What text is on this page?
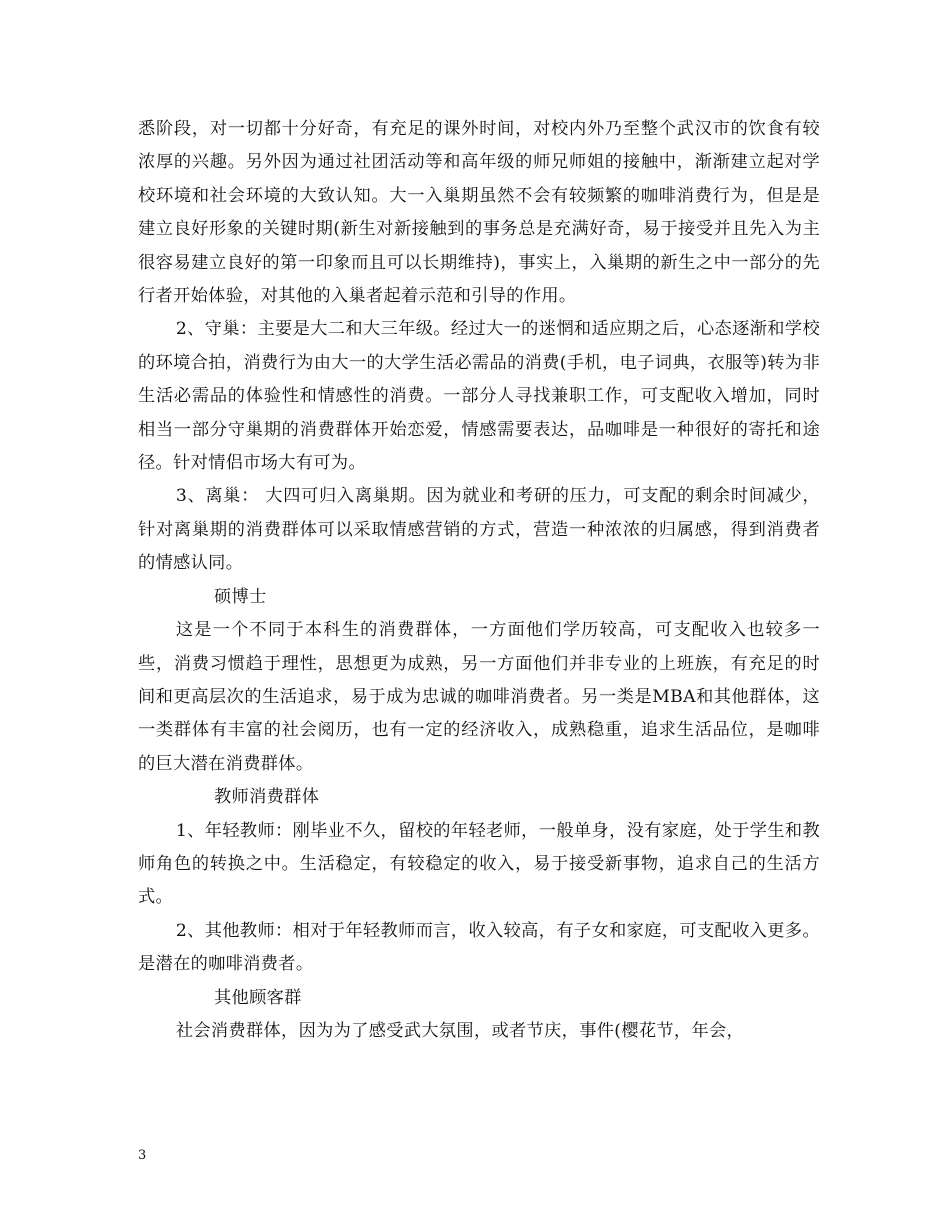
悉阶段，对一切都十分好奇，有充足的课外时间，对校内外乃至整个武汉市的饮食有较浓厚的兴趣。另外因为通过社团活动等和高年级的师兄师姐的接触中，渐渐建立起对学校环境和社会环境的大致认知。大一入巢期虽然不会有较频繁的咖啡消费行为，但是是建立良好形象的关键时期(新生对新接触到的事务总是充满好奇，易于接受并且先入为主很容易建立良好的第一印象而且可以长期维持)，事实上，入巢期的新生之中一部分的先行者开始体验，对其他的入巢者起着示范和引导的作用。

2、守巢：主要是大二和大三年级。经过大一的迷惘和适应期之后，心态逐渐和学校的环境合拍，消费行为由大一的大学生活必需品的消费(手机，电子词典，衣服等)转为非生活必需品的体验性和情感性的消费。一部分人寻找兼职工作，可支配收入增加，同时相当一部分守巢期的消费群体开始恋爱，情感需要表达，品咖啡是一种很好的寄托和途径。针对情侣市场大有可为。

3、离巢： 大四可归入离巢期。因为就业和考研的压力，可支配的剩余时间减少，针对离巢期的消费群体可以采取情感营销的方式，营造一种浓浓的归属感，得到消费者的情感认同。

硕博士

这是一个不同于本科生的消费群体，一方面他们学历较高，可支配收入也较多一些，消费习惯趋于理性，思想更为成熟，另一方面他们并非专业的上班族，有充足的时间和更高层次的生活追求，易于成为忠诚的咖啡消费者。另一类是MBA和其他群体，这一类群体有丰富的社会阅历，也有一定的经济收入，成熟稳重，追求生活品位，是咖啡的巨大潜在消费群体。

教师消费群体

1、年轻教师：刚毕业不久，留校的年轻老师，一般单身，没有家庭，处于学生和教师角色的转换之中。生活稳定，有较稳定的收入，易于接受新事物，追求自己的生活方式。

2、其他教师：相对于年轻教师而言，收入较高，有子女和家庭，可支配收入更多。是潜在的咖啡消费者。

其他顾客群

社会消费群体，因为为了感受武大氛围，或者节庆，事件(樱花节，年会，

3
